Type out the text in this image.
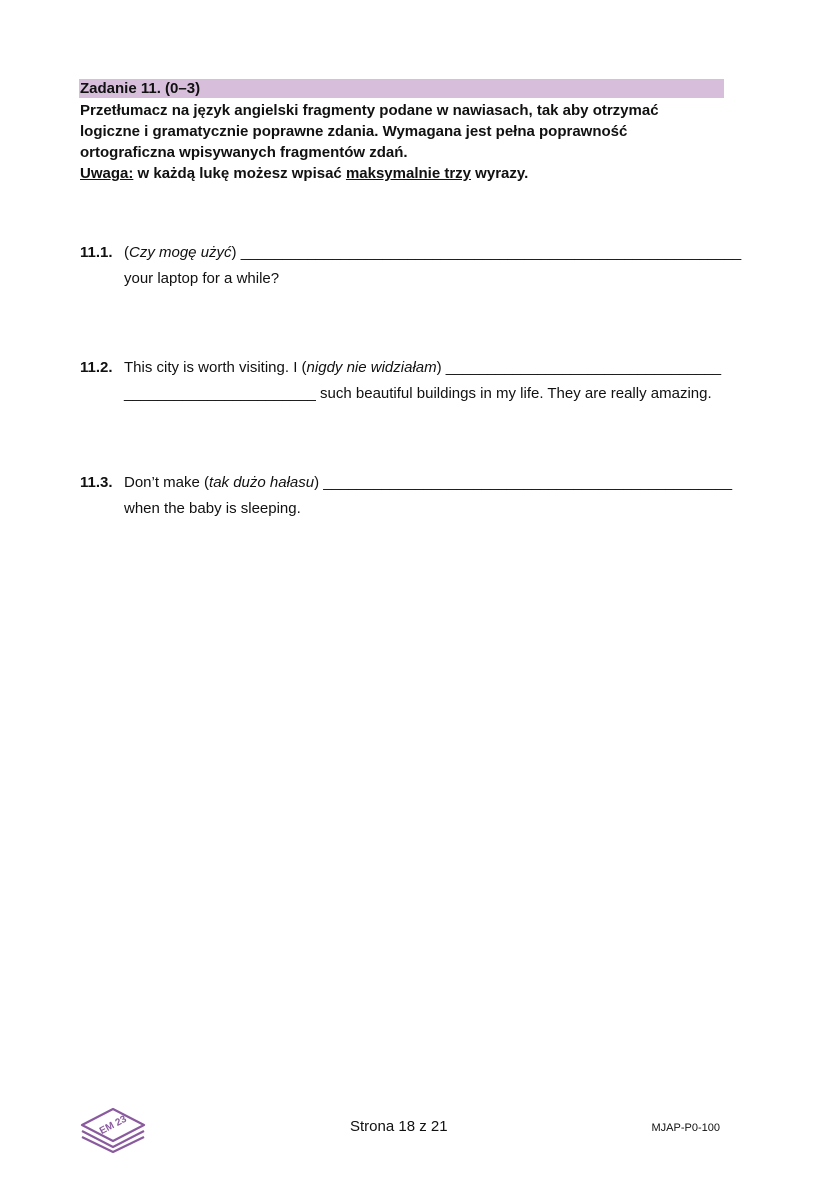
Zadanie 11. (0–3)

Przetłumacz na język angielski fragmenty podane w nawiasach, tak aby otrzymać

logiczne i gramatycznie poprawne zdania. Wymagana jest pełna poprawność

ortograficzna wpisywanych fragmentów zdań.

Uwaga: w każdą lukę możesz wpisać maksymalnie trzy wyrazy.

11.1. (Czy mogę użyć) ____________________________________________________________
your laptop for a while?
11.2. This city is worth visiting. I (nigdy nie widziałam) _________________________________
_______________________ such beautiful buildings in my life. They are really amazing.
11.3. Don’t make (tak dużo hałasu) _________________________________________________
when the baby is sleeping.
EM 23	Strona 18 z 21	MJAP-P0-100
